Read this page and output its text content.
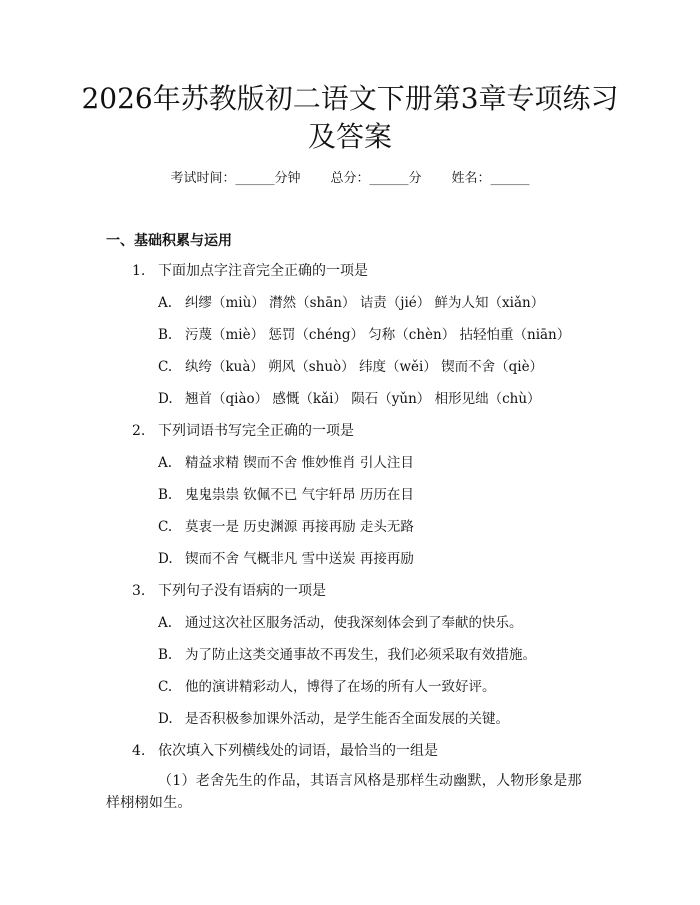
2026年苏教版初二语文下册第3章专项练习及答案
考试时间：______分钟 总分：______分 姓名：______
一、基础积累与运用
1. 下面加点字注音完全正确的一项是
A. 纠缪（miù） 潸然（shān） 诘责（jié） 鲜为人知（xiǎn）
B. 污蔑（miè） 惩罚（chéng） 匀称（chèn） 拈轻怕重（niān）
C. 纨绔（kuà） 朔风（shuò） 纬度（wěi） 锲而不舍（qiè）
D. 翘首（qiào） 感慨（kǎi） 陨石（yǔn） 相形见绌（chù）
2. 下列词语书写完全正确的一项是
A. 精益求精 锲而不舍 惟妙惟肖 引人注目
B. 鬼鬼祟祟 钦佩不已 气宇轩昂 历历在目
C. 莫衷一是 历史渊源 再接再励 走头无路
D. 锲而不舍 气概非凡 雪中送炭 再接再励
3. 下列句子没有语病的一项是
A. 通过这次社区服务活动，使我深刻体会到了奉献的快乐。
B. 为了防止这类交通事故不再发生，我们必须采取有效措施。
C. 他的演讲精彩动人，博得了在场的所有人一致好评。
D. 是否积极参加课外活动，是学生能否全面发展的关键。
4. 依次填入下列横线处的词语，最恰当的一组是
（1）老舍先生的作品，其语言风格是那样生动幽默，人物形象是那样栩栩如生。
